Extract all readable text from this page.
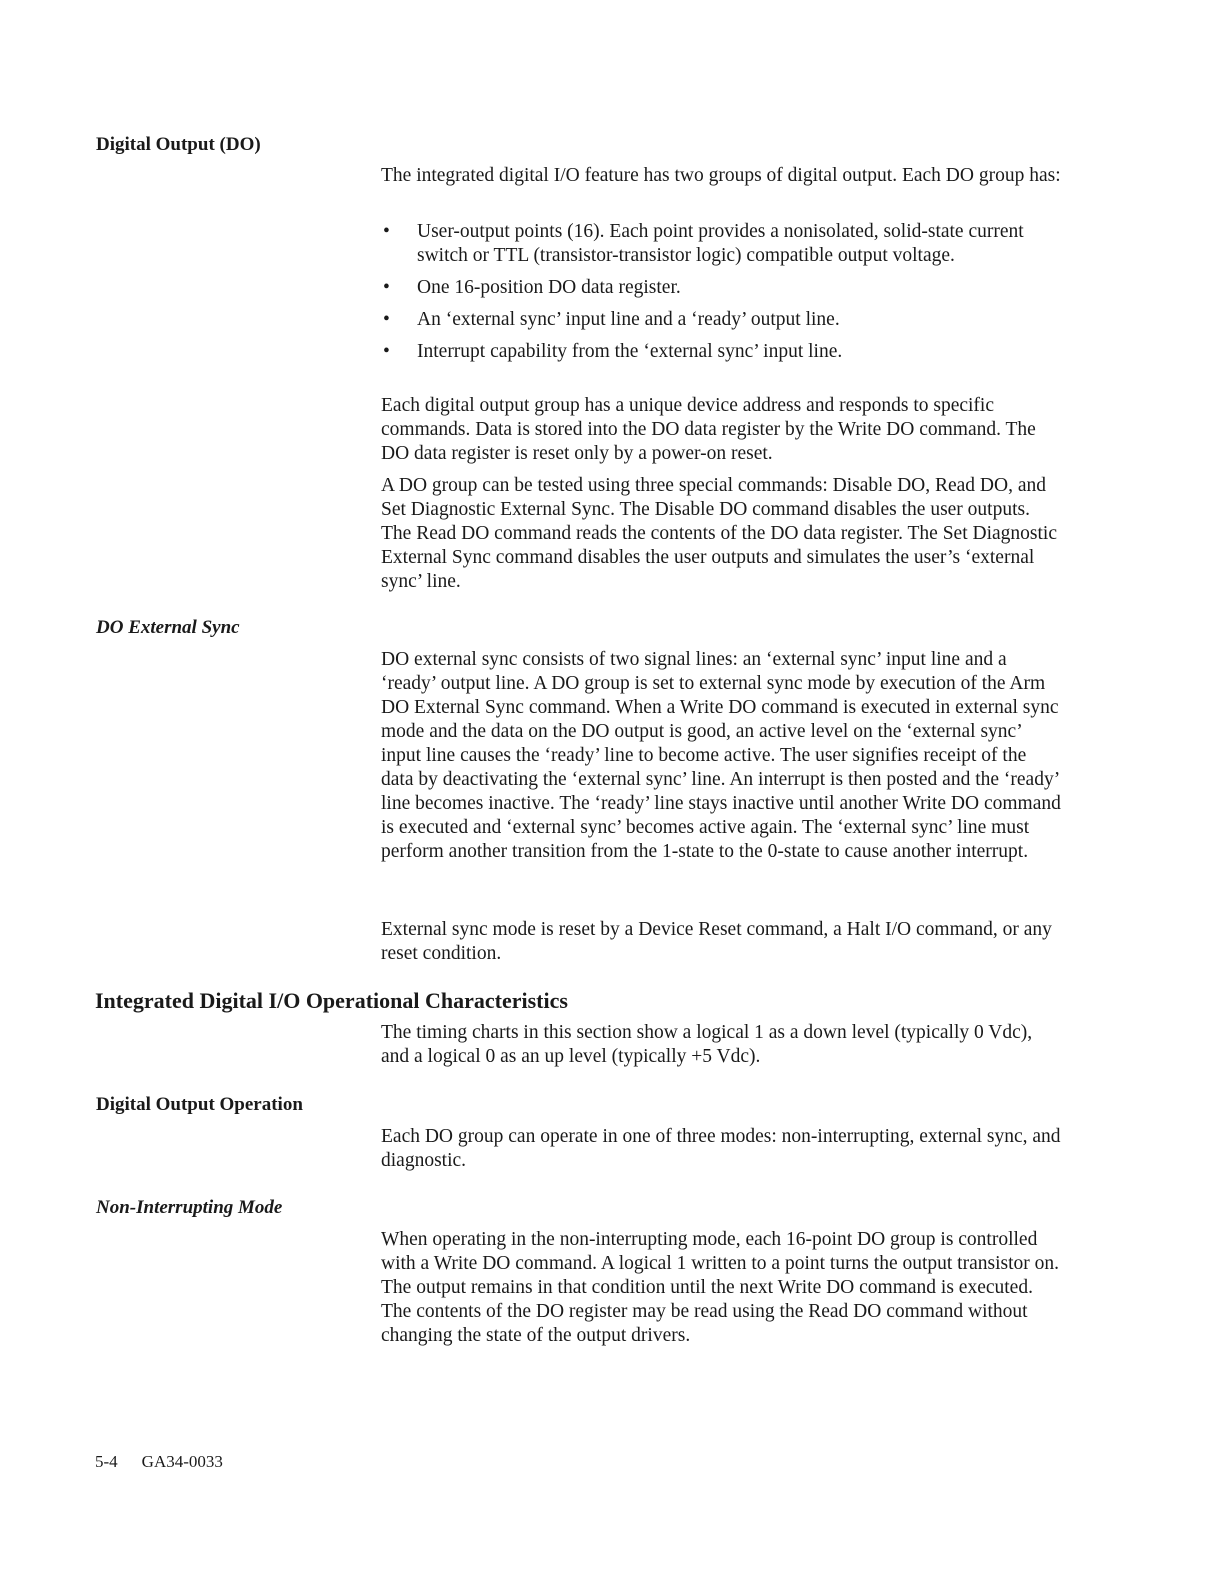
Digital Output (DO)

The integrated digital I/O feature has two groups of digital output. Each DO group has:

• User-output points (16). Each point provides a nonisolated, solid-state current switch or TTL (transistor-transistor logic) compatible output voltage.
• One 16-position DO data register.
• An ‘external sync’ input line and a ‘ready’ output line.
• Interrupt capability from the ‘external sync’ input line.

Each digital output group has a unique device address and responds to specific commands. Data is stored into the DO data register by the Write DO command. The DO data register is reset only by a power-on reset.

A DO group can be tested using three special commands: Disable DO, Read DO, and Set Diagnostic External Sync. The Disable DO command disables the user outputs. The Read DO command reads the contents of the DO data register. The Set Diagnostic External Sync command disables the user outputs and simulates the user’s ‘external sync’ line.

DO External Sync

DO external sync consists of two signal lines: an ‘external sync’ input line and a ‘ready’ output line. A DO group is set to external sync mode by execution of the Arm DO External Sync command. When a Write DO command is executed in external sync mode and the data on the DO output is good, an active level on the ‘external sync’ input line causes the ‘ready’ line to become active. The user signifies receipt of the data by deactivating the ‘external sync’ line. An interrupt is then posted and the ‘ready’ line becomes inactive. The ‘ready’ line stays inactive until another Write DO command is executed and ‘external sync’ becomes active again. The ‘external sync’ line must perform another transition from the 1-state to the 0-state to cause another interrupt.

External sync mode is reset by a Device Reset command, a Halt I/O command, or any reset condition.

Integrated Digital I/O Operational Characteristics

The timing charts in this section show a logical 1 as a down level (typically 0 Vdc), and a logical 0 as an up level (typically +5 Vdc).

Digital Output Operation

Each DO group can operate in one of three modes: non-interrupting, external sync, and diagnostic.

Non-Interrupting Mode

When operating in the non-interrupting mode, each 16-point DO group is controlled with a Write DO command. A logical 1 written to a point turns the output transistor on. The output remains in that condition until the next Write DO command is executed. The contents of the DO register may be read using the Read DO command without changing the state of the output drivers.

5-4 GA34-0033
